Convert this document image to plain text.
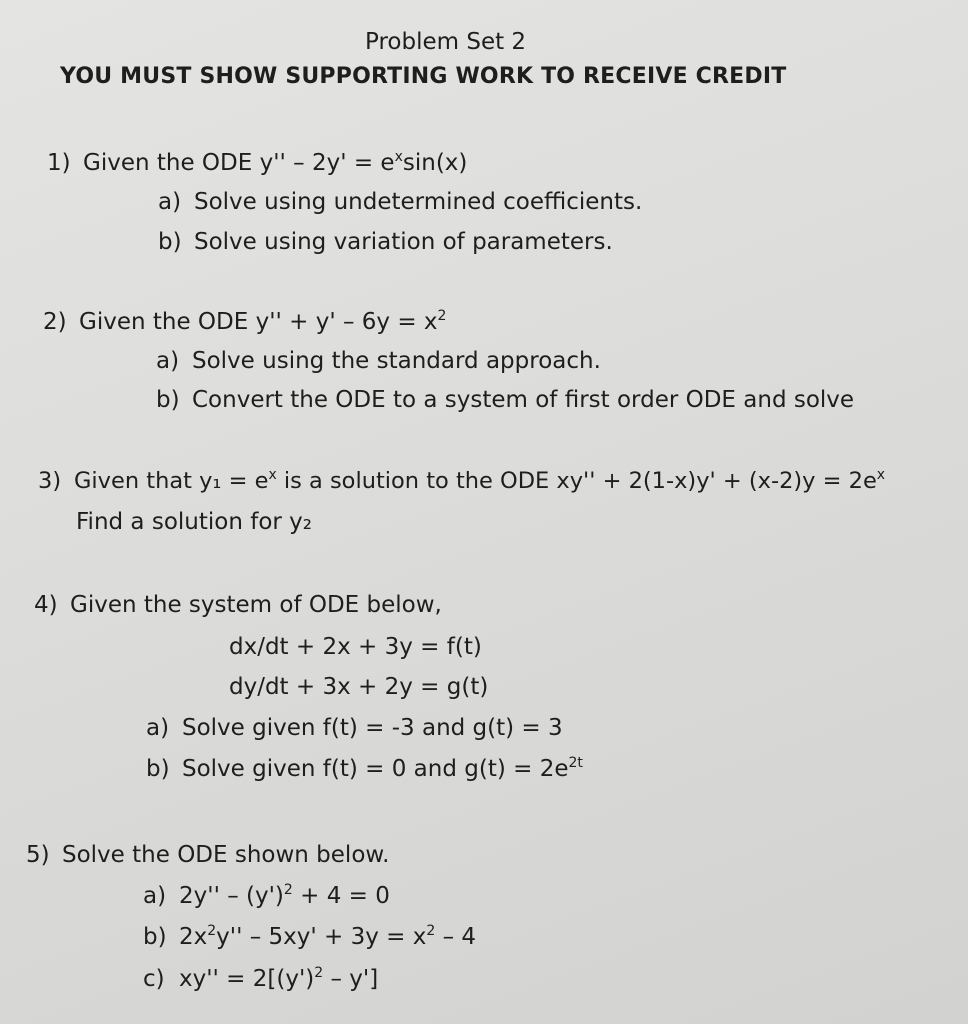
Problem Set 2
YOU MUST SHOW SUPPORTING WORK TO RECEIVE CREDIT
1) Given the ODE $y'' - 2y' = e^x\sin(x)$
a) Solve using undetermined coefficients.
b) Solve using variation of parameters.
2) Given the ODE $y'' + y' - 6y = x^2$
a) Solve using the standard approach.
b) Convert the ODE to a system of first order ODE and solve
3) Given that $y_1 = e^x$ is a solution to the ODE $xy'' + 2(1-x)y' + (x-2)y = 2e^x$
Find a solution for y₂
4) Given the system of ODE below,
dx/dt + 2x + 3y = f(t)
dy/dt + 3x + 2y = g(t)
a) Solve given f(t) = -3 and g(t) = 3
b) Solve given f(t) = 0 and $g(t) = 2e^{2t}$
5) Solve the ODE shown below.
a) $2y'' - (y')^2 + 4 = 0$
b) $2x^2y'' - 5xy' + 3y = x^2 - 4$
c) $xy'' = 2[(y')^2 - y']$
